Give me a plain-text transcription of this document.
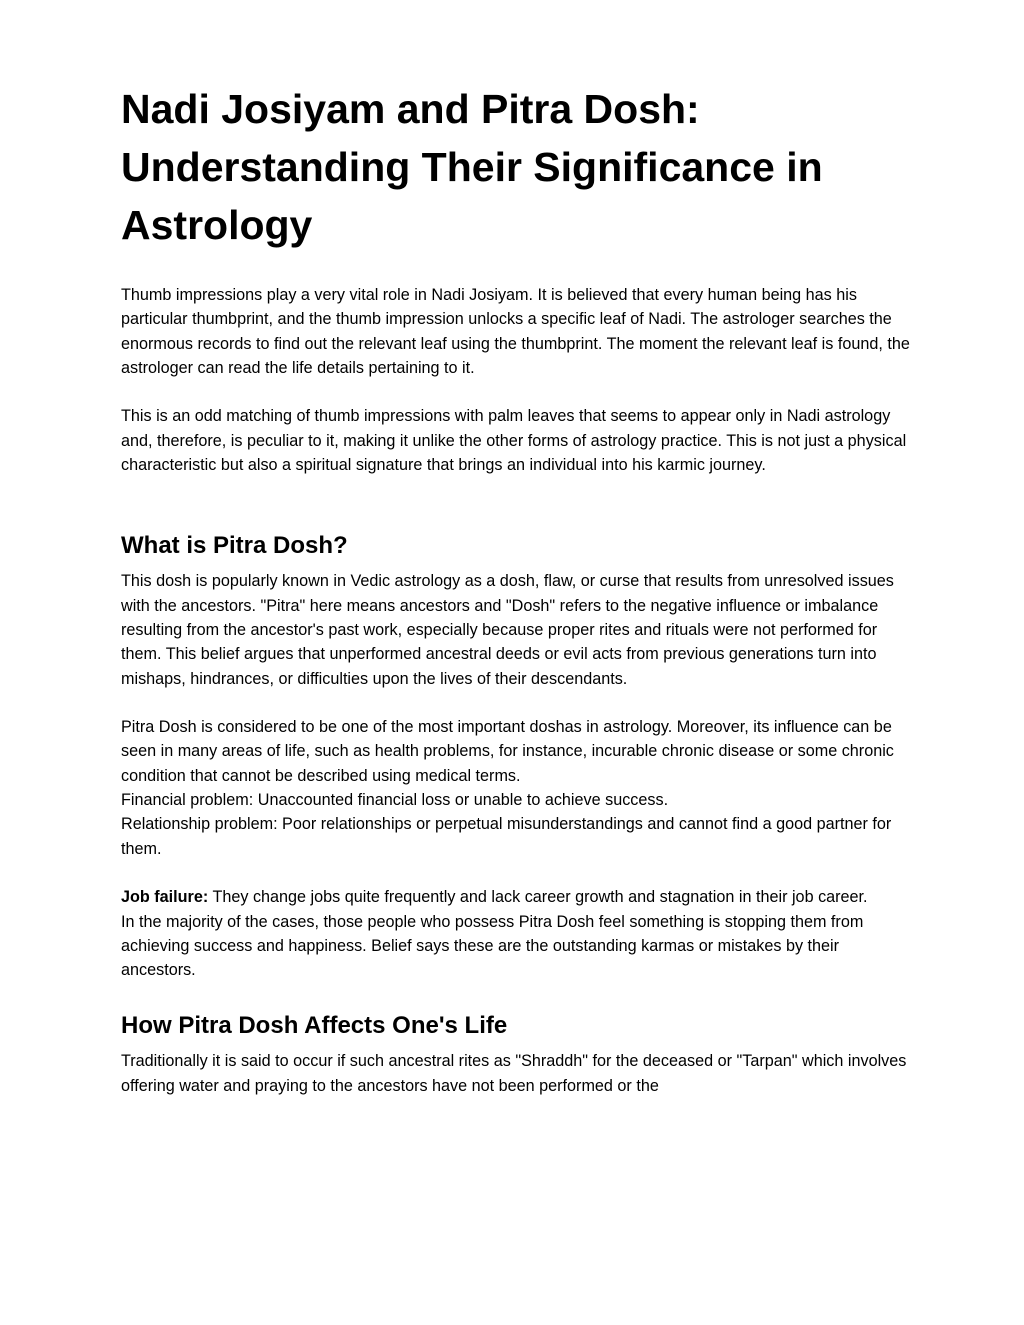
Nadi Josiyam and Pitra Dosh: Understanding Their Significance in Astrology

Thumb impressions play a very vital role in Nadi Josiyam. It is believed that every human being has his particular thumbprint, and the thumb impression unlocks a specific leaf of Nadi. The astrologer searches the enormous records to find out the relevant leaf using the thumbprint. The moment the relevant leaf is found, the astrologer can read the life details pertaining to it.

This is an odd matching of thumb impressions with palm leaves that seems to appear only in Nadi astrology and, therefore, is peculiar to it, making it unlike the other forms of astrology practice. This is not just a physical characteristic but also a spiritual signature that brings an individual into his karmic journey.

What is Pitra Dosh?

This dosh is popularly known in Vedic astrology as a dosh, flaw, or curse that results from unresolved issues with the ancestors. "Pitra" here means ancestors and "Dosh" refers to the negative influence or imbalance resulting from the ancestor's past work, especially because proper rites and rituals were not performed for them. This belief argues that unperformed ancestral deeds or evil acts from previous generations turn into mishaps, hindrances, or difficulties upon the lives of their descendants.

Pitra Dosh is considered to be one of the most important doshas in astrology. Moreover, its influence can be seen in many areas of life, such as health problems, for instance, incurable chronic disease or some chronic condition that cannot be described using medical terms.

Financial problem: Unaccounted financial loss or unable to achieve success.

Relationship problem: Poor relationships or perpetual misunderstandings and cannot find a good partner for them.

Job failure: They change jobs quite frequently and lack career growth and stagnation in their job career.

In the majority of the cases, those people who possess Pitra Dosh feel something is stopping them from achieving success and happiness. Belief says these are the outstanding karmas or mistakes by their ancestors.

How Pitra Dosh Affects One's Life

Traditionally it is said to occur if such ancestral rites as "Shraddh" for the deceased or "Tarpan" which involves offering water and praying to the ancestors have not been performed or the
